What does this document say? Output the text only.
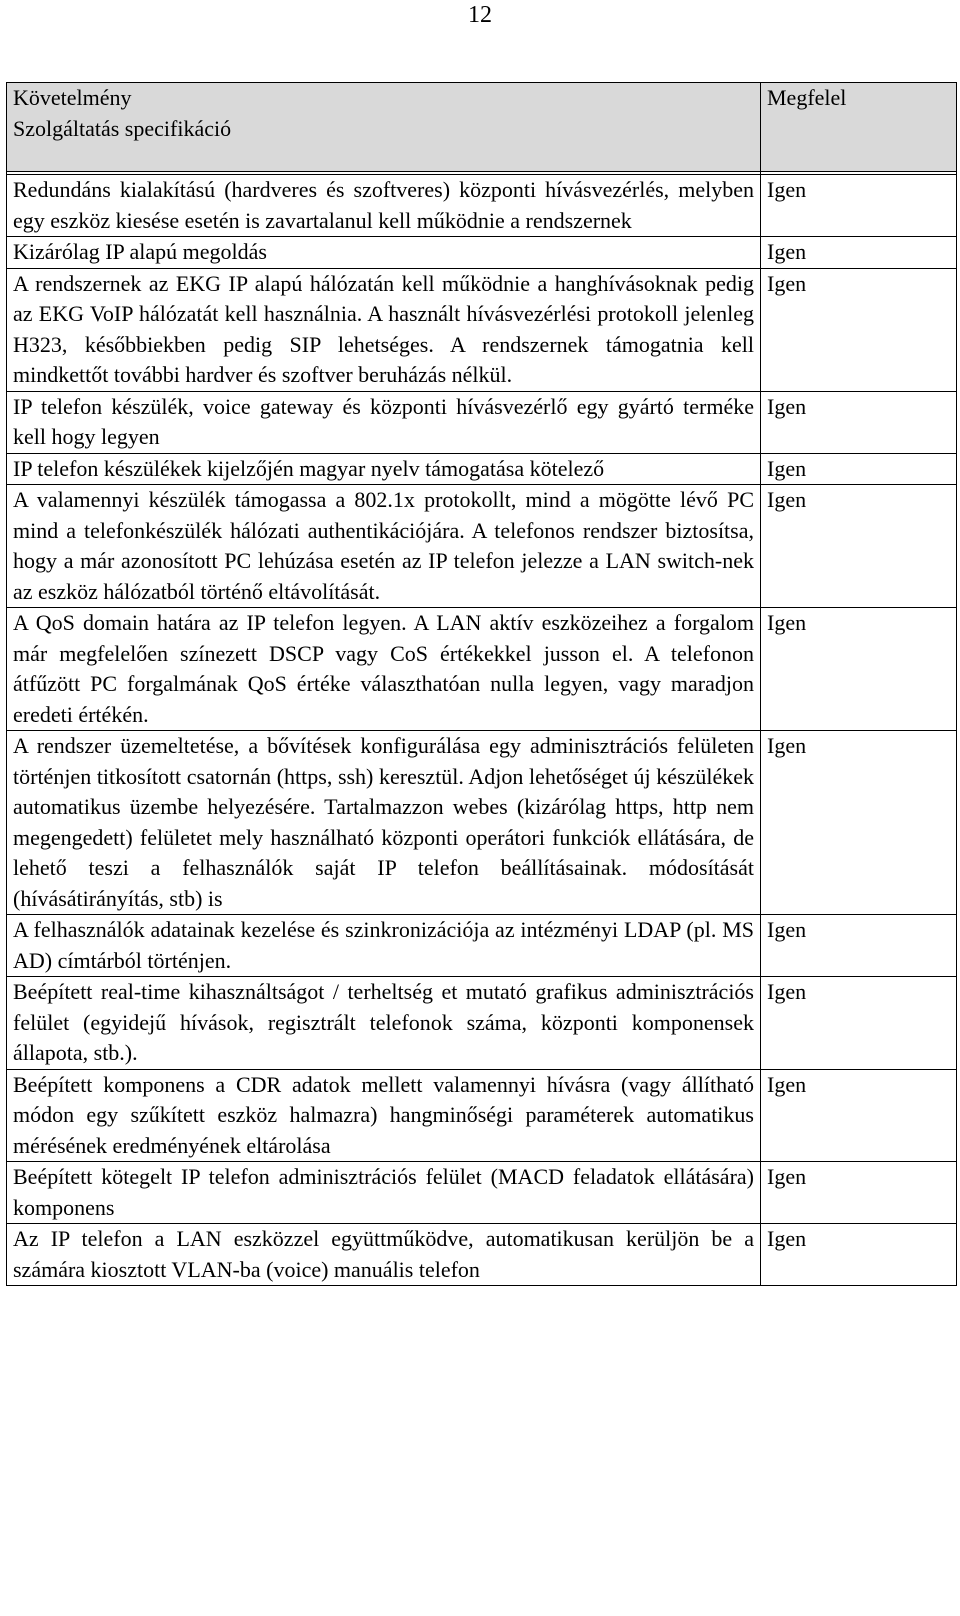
12
Követelmény
Szolgáltatás specifikáció	Megfelel

Redundáns kialakítású (hardveres és szoftveres) központi hívásvezérlés, melyben egy eszköz kiesése esetén is zavartalanul kell működnie a rendszernek	Igen

Kizárólag IP alapú megoldás	Igen

A rendszernek az EKG IP alapú hálózatán kell működnie a hanghívásoknak pedig az EKG VoIP hálózatát kell használnia. A használt hívásvezérlési protokoll jelenleg H323, későbbiekben pedig SIP lehetséges. A rendszernek támogatnia kell mindkettőt további hardver és szoftver beruházás nélkül.	Igen

IP telefon készülék, voice gateway és központi hívásvezérlő egy gyártó terméke kell hogy legyen	Igen

IP telefon készülékek kijelzőjén magyar nyelv támogatása kötelező	Igen

A valamennyi készülék támogassa a 802.1x protokollt, mind a mögötte lévő PC mind a telefonkészülék hálózati authentikációjára. A telefonos rendszer biztosítsa, hogy a már azonosított PC lehúzása esetén az IP telefon jelezze a LAN switch-nek az eszköz hálózatból történő eltávolítását.	Igen

A QoS domain határa az IP telefon legyen. A LAN aktív eszközeihez a forgalom már megfelelően színezett DSCP vagy CoS értékekkel jusson el. A telefonon átfűzött PC forgalmának QoS értéke választhatóan nulla legyen, vagy maradjon eredeti értékén.	Igen

A rendszer üzemeltetése, a bővítések konfigurálása egy adminisztrációs felületen történjen titkosított csatornán (https, ssh) keresztül. Adjon lehetőséget új készülékek automatikus üzembe helyezésére. Tartalmazzon webes (kizárólag https, http nem megengedett) felületet mely használható központi operátori funkciók ellátására, de lehető teszi a felhasználók saját IP telefon beállításainak. módosítását (hívásátirányítás, stb) is	Igen

A felhasználók adatainak kezelése és szinkronizációja az intézményi LDAP (pl. MS AD) címtárból történjen.	Igen

Beépített real-time kihasználtságot / terheltség et mutató grafikus adminisztrációs felület (egyidejű hívások, regisztrált telefonok száma, központi komponensek állapota, stb.).	Igen

Beépített komponens a CDR adatok mellett valamennyi hívásra (vagy állítható módon egy szűkített eszköz halmazra) hangminőségi paraméterek automatikus mérésének eredményének eltárolása	Igen

Beépített kötegelt IP telefon adminisztrációs felület (MACD feladatok ellátására) komponens	Igen

Az IP telefon a LAN eszközzel együttműködve, automatikusan kerüljön be a számára kiosztott VLAN-ba (voice) manuális telefon	Igen
